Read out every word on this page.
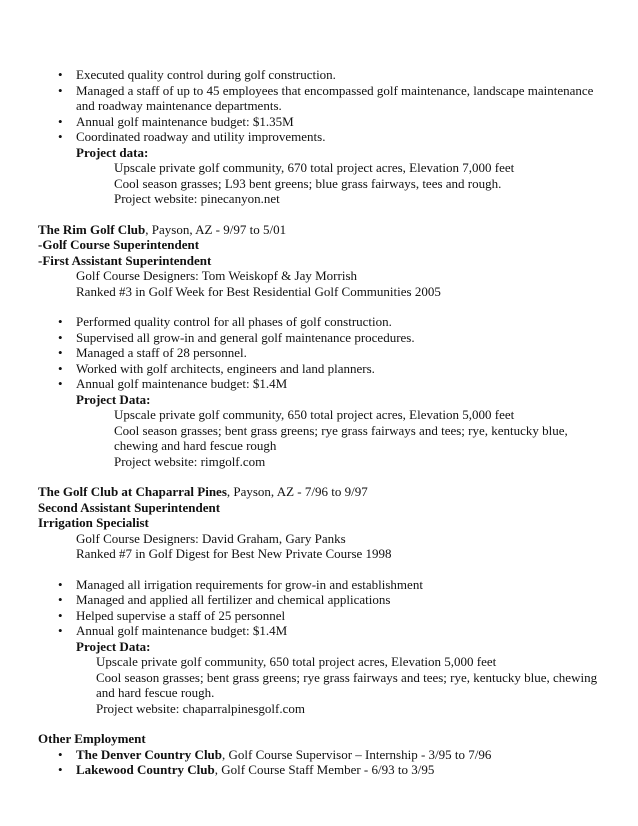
• Executed quality control during golf construction.
• Managed a staff of up to 45 employees that encompassed golf maintenance, landscape maintenance and roadway maintenance departments.
• Annual golf maintenance budget: $1.35M
• Coordinated roadway and utility improvements.
Project data:
Upscale private golf community, 670 total project acres, Elevation 7,000 feet
Cool season grasses; L93 bent greens; blue grass fairways, tees and rough.
Project website: pinecanyon.net
The Rim Golf Club, Payson, AZ - 9/97 to 5/01
-Golf Course Superintendent
-First Assistant Superintendent
Golf Course Designers: Tom Weiskopf & Jay Morrish
Ranked #3 in Golf Week for Best Residential Golf Communities 2005
• Performed quality control for all phases of golf construction.
• Supervised all grow-in and general golf maintenance procedures.
• Managed a staff of 28 personnel.
• Worked with golf architects, engineers and land planners.
• Annual golf maintenance budget: $1.4M
Project Data:
Upscale private golf community, 650 total project acres, Elevation 5,000 feet
Cool season grasses; bent grass greens; rye grass fairways and tees; rye, kentucky blue, chewing and hard fescue rough
Project website: rimgolf.com
The Golf Club at Chaparral Pines, Payson, AZ - 7/96 to 9/97
Second Assistant Superintendent
Irrigation Specialist
Golf Course Designers: David Graham, Gary Panks
Ranked #7 in Golf Digest for Best New Private Course 1998
• Managed all irrigation requirements for grow-in and establishment
• Managed and applied all fertilizer and chemical applications
• Helped supervise a staff of 25 personnel
• Annual golf maintenance budget: $1.4M
Project Data:
Upscale private golf community, 650 total project acres, Elevation 5,000 feet
Cool season grasses; bent grass greens; rye grass fairways and tees; rye, kentucky blue, chewing and hard fescue rough.
Project website: chaparralpinesgolf.com
Other Employment
• The Denver Country Club, Golf Course Supervisor – Internship - 3/95 to 7/96
• Lakewood Country Club, Golf Course Staff Member - 6/93 to 3/95
